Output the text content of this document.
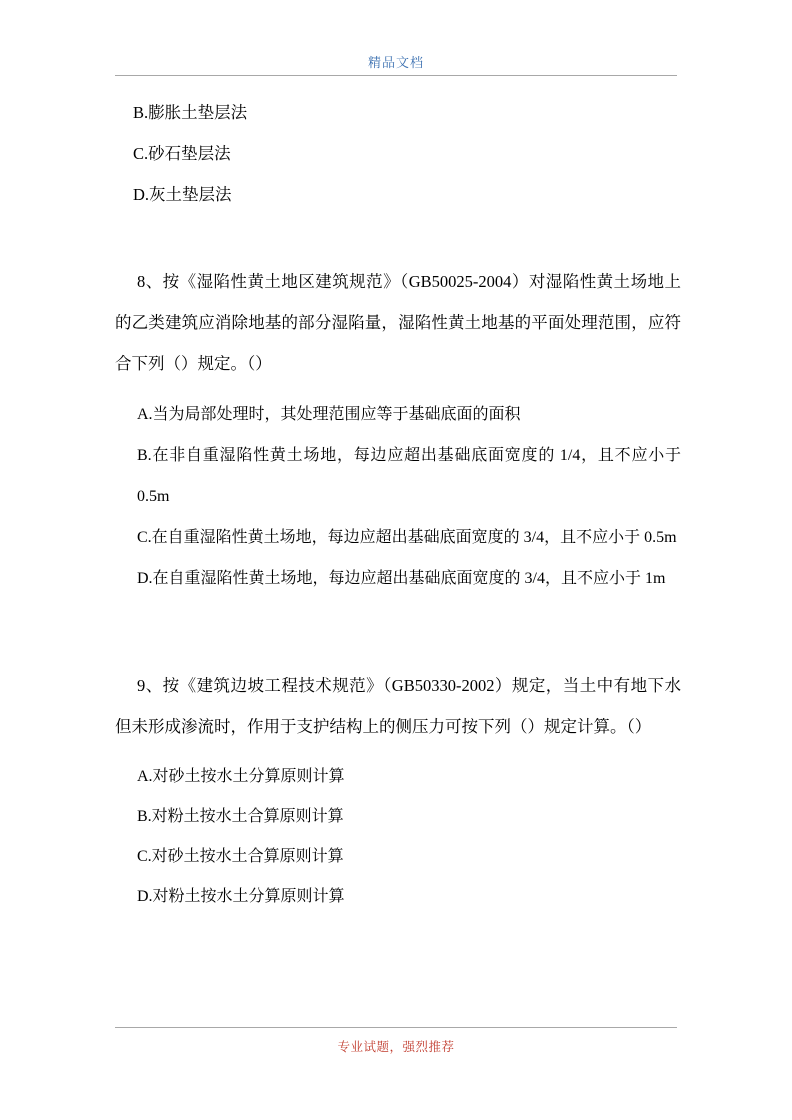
精品文档
B.膨胀土垫层法
C.砂石垫层法
D.灰土垫层法
8、按《湿陷性黄土地区建筑规范》（GB50025-2004）对湿陷性黄土场地上的乙类建筑应消除地基的部分湿陷量，湿陷性黄土地基的平面处理范围，应符合下列（）规定。（）
A.当为局部处理时，其处理范围应等于基础底面的面积
B.在非自重湿陷性黄土场地，每边应超出基础底面宽度的 1/4，且不应小于 0.5m
C.在自重湿陷性黄土场地，每边应超出基础底面宽度的 3/4，且不应小于 0.5m
D.在自重湿陷性黄土场地，每边应超出基础底面宽度的 3/4，且不应小于 1m
9、按《建筑边坡工程技术规范》（GB50330-2002）规定，当土中有地下水但未形成渗流时，作用于支护结构上的侧压力可按下列（）规定计算。（）
A.对砂土按水土分算原则计算
B.对粉土按水土合算原则计算
C.对砂土按水土合算原则计算
D.对粉土按水土分算原则计算
专业试题，强烈推荐
